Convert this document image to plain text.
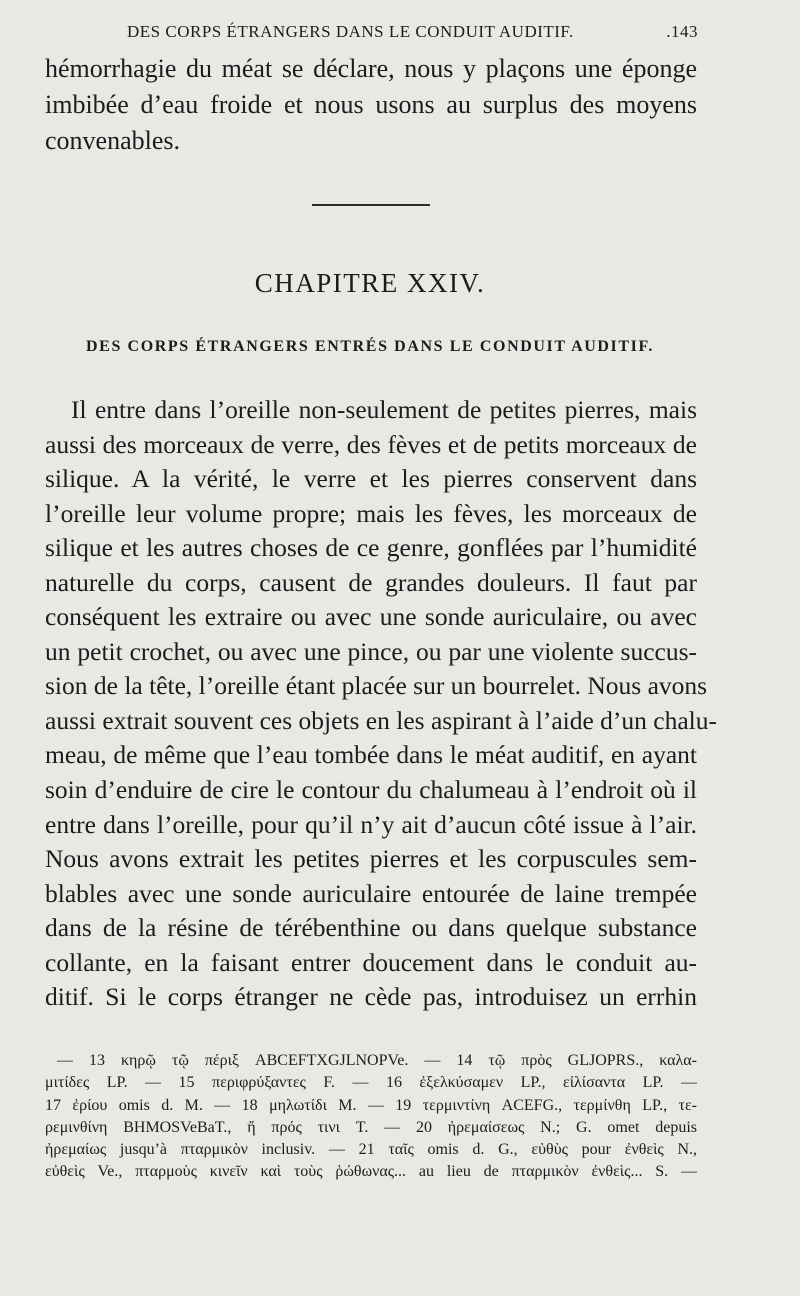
DES CORPS ÉTRANGERS DANS LE CONDUIT AUDITIF.	.143
hémorrhagie du méat se déclare, nous y plaçons une éponge imbibée d’eau froide et nous usons au surplus des moyens convenables.
CHAPITRE XXIV.
DES CORPS ÉTRANGERS ENTRÉS DANS LE CONDUIT AUDITIF.
Il entre dans l’oreille non-seulement de petites pierres, mais
aussi des morceaux de verre, des fèves et de petits morceaux de
silique. A la vérité, le verre et les pierres conservent dans
l’oreille leur volume propre; mais les fèves, les morceaux de
silique et les autres choses de ce genre, gonflées par l’humidité
naturelle du corps, causent de grandes douleurs. Il faut par
conséquent les extraire ou avec une sonde auriculaire, ou avec
un petit crochet, ou avec une pince, ou par une violente succus-
sion de la tête, l’oreille étant placée sur un bourrelet. Nous avons
aussi extrait souvent ces objets en les aspirant à l’aide d’un chalu-
meau, de même que l’eau tombée dans le méat auditif, en ayant
soin d’enduire de cire le contour du chalumeau à l’endroit où il
entre dans l’oreille, pour qu’il n’y ait d’aucun côté issue à l’air.
Nous avons extrait les petites pierres et les corpuscules sem-
blables avec une sonde auriculaire entourée de laine trempée
dans de la résine de térébenthine ou dans quelque substance
collante, en la faisant entrer doucement dans le conduit au-
ditif. Si le corps étranger ne cède pas, introduisez un errhin
— 13 κηρῷ τῷ πέριξ ABCEFTXGJLNOPVe. — 14 τῷ πρὸς GLJOPRS., καλα-
μιτίδες LP. — 15 περιφρύξαντες F. — 16 ἐξελκύσαμεν LP., εἰλίσαντα LP. —
17 ἐρίου omis d. M. — 18 μηλωτίδι M. — 19 τερμιντίνη ACEFG., τερμίνθη LP., τε-
ρεμινθίνη BHMOSVeBaT., ἤ πρός τινι T. — 20 ἠρεμαίσεως N.; G. omet depuis
ἠρεμαίως jusqu’à πταρμικὸν inclusiv. — 21 ταῖς omis d. G., εὐθὺς pour ἐνθεὶς N.,
εὐθεὶς Ve., πταρμοὺς κινεῖν καὶ τοὺς ῥώθωνας... au lieu de πταρμικὸν ἐνθεὶς... S. —
